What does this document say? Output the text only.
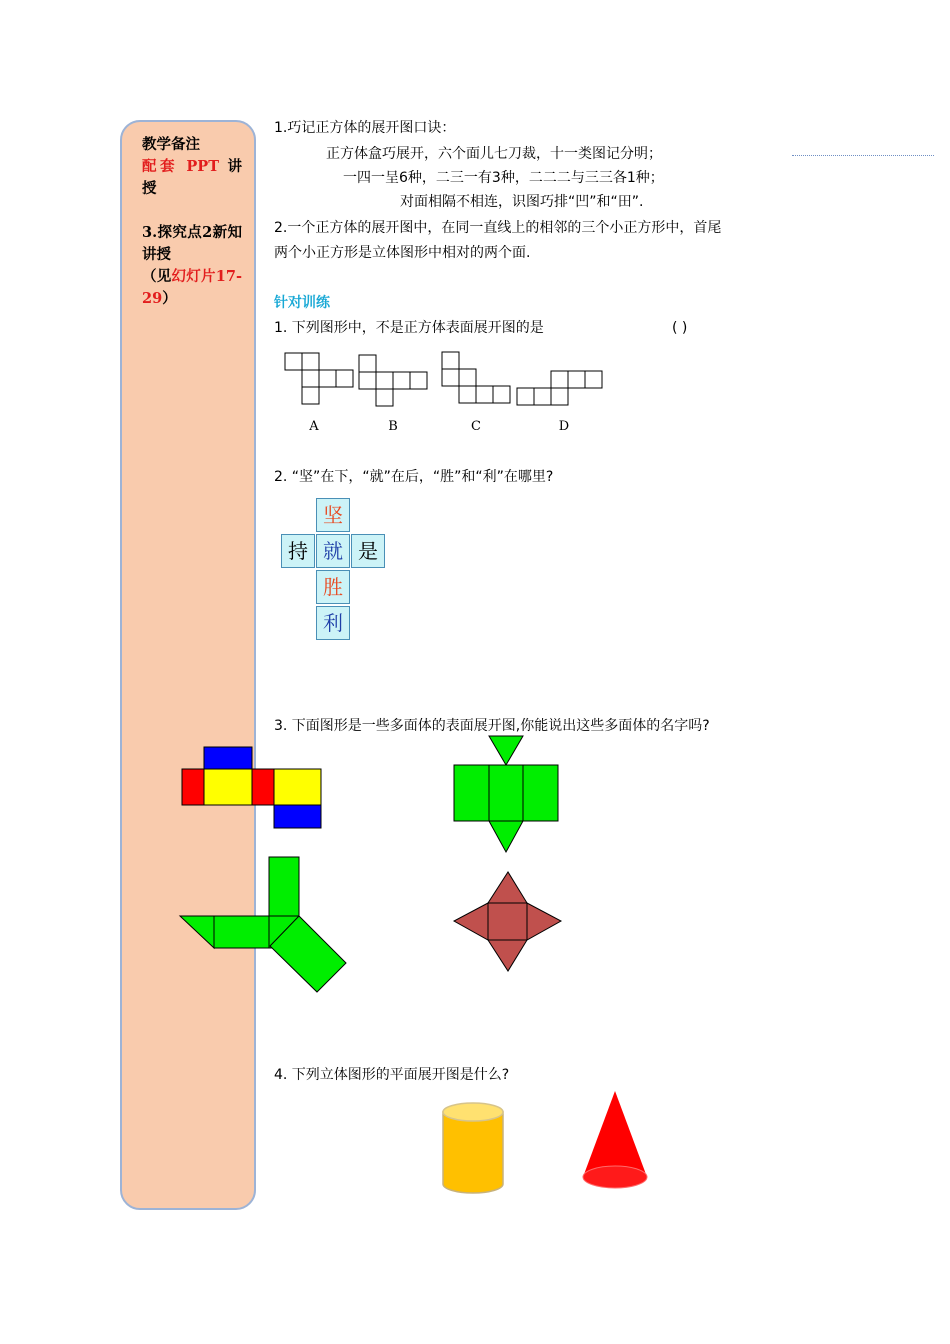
教学备注
配套 PPT 讲授
3.探究点2新知讲授
（见幻灯片17-29）
1.巧记正方体的展开图口诀：
正方体盒巧展开，六个面儿七刀裁，十一类图记分明；
一四一呈6种，二三一有3种，二二二与三三各1种；
对面相隔不相连，识图巧排“凹”和“田”.
2.一个正方体的展开图中，在同一直线上的相邻的三个小正方形中，首尾
两个小正方形是立体图形中相对的两个面.
针对训练
1. 下列图形中，不是正方体表面展开图的是	( )
A	B	C	D
2. “坚”在下，“就”在后，“胜”和“利”在哪里?
坚
持 就 是
胜
利
3. 下面图形是一些多面体的表面展开图,你能说出这些多面体的名字吗?
4. 下列立体图形的平面展开图是什么?
